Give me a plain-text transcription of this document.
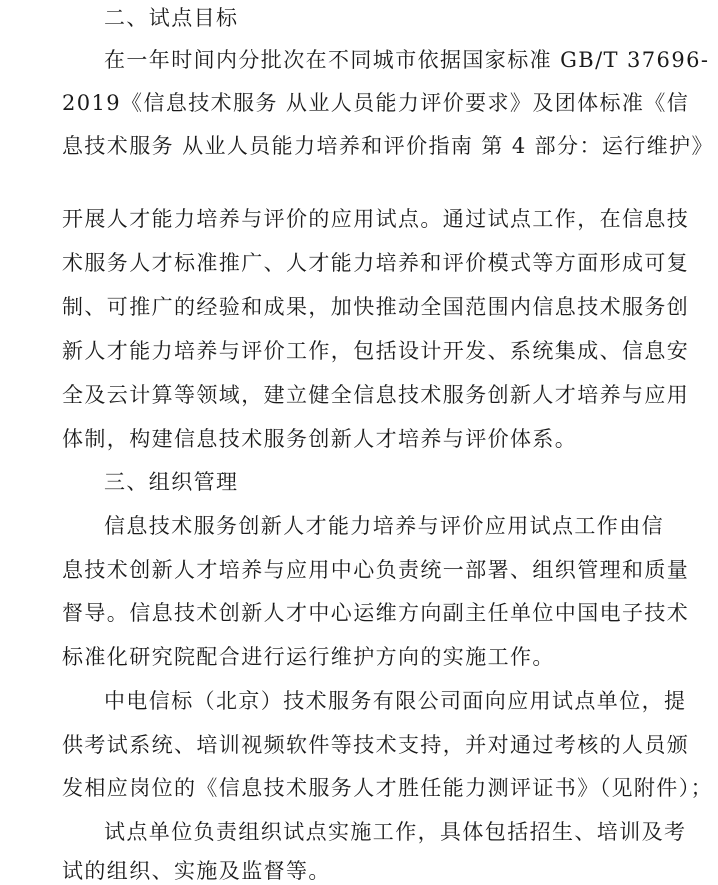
二、试点目标
在一年时间内分批次在不同城市依据国家标准 GB/T 37696-
2019《信息技术服务 从业人员能力评价要求》及团体标准《信
息技术服务 从业人员能力培养和评价指南 第 4 部分：运行维护》
开展人才能力培养与评价的应用试点。通过试点工作，在信息技
术服务人才标准推广、人才能力培养和评价模式等方面形成可复
制、可推广的经验和成果，加快推动全国范围内信息技术服务创
新人才能力培养与评价工作，包括设计开发、系统集成、信息安
全及云计算等领域，建立健全信息技术服务创新人才培养与应用
体制，构建信息技术服务创新人才培养与评价体系。
三、组织管理
信息技术服务创新人才能力培养与评价应用试点工作由信
息技术创新人才培养与应用中心负责统一部署、组织管理和质量
督导。信息技术创新人才中心运维方向副主任单位中国电子技术
标准化研究院配合进行运行维护方向的实施工作。
中电信标（北京）技术服务有限公司面向应用试点单位，提
供考试系统、培训视频软件等技术支持，并对通过考核的人员颁
发相应岗位的《信息技术服务人才胜任能力测评证书》（见附件）；
试点单位负责组织试点实施工作，具体包括招生、培训及考
试的组织、实施及监督等。
